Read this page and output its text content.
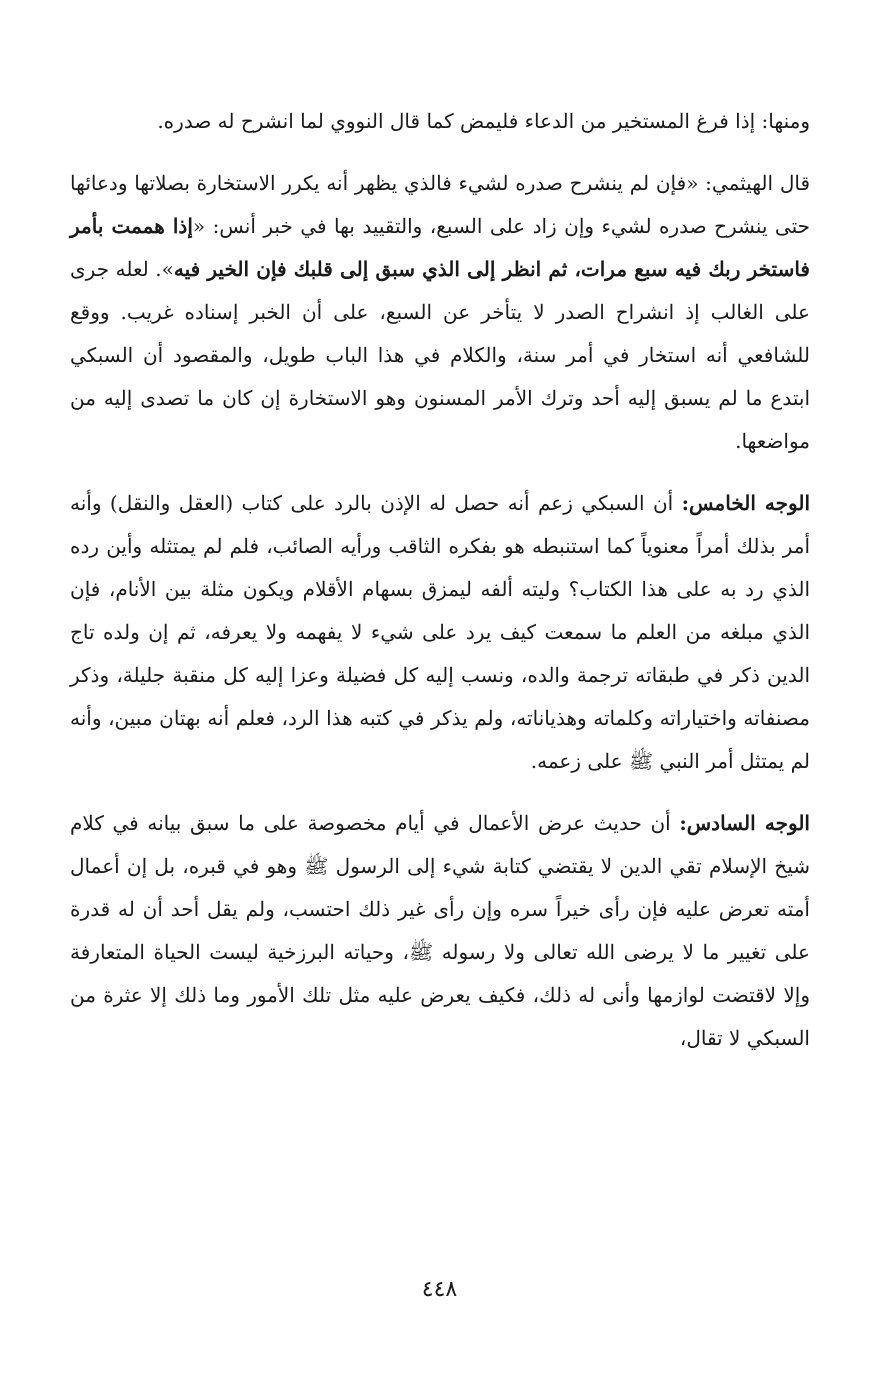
ومنها: إذا فرغ المستخير من الدعاء فليمض كما قال النووي لما انشرح له صدره.

قال الهيثمي: «فإن لم ينشرح صدره لشيء فالذي يظهر أنه يكرر الاستخارة بصلاتها ودعائها حتى ينشرح صدره لشيء وإن زاد على السبع، والتقييد بها في خبر أنس: «إذا هممت بأمر فاستخر ربك فيه سبع مرات، ثم انظر إلى الذي سبق إلى قلبك فإن الخير فيه». لعله جرى على الغالب إذ انشراح الصدر لا يتأخر عن السبع، على أن الخبر إسناده غريب. ووقع للشافعي أنه استخار في أمر سنة، والكلام في هذا الباب طويل، والمقصود أن السبكي ابتدع ما لم يسبق إليه أحد وترك الأمر المسنون وهو الاستخارة إن كان ما تصدى إليه من مواضعها.

الوجه الخامس: أن السبكي زعم أنه حصل له الإذن بالرد على كتاب (العقل والنقل) وأنه أمر بذلك أمراً معنوياً كما استنبطه هو بفكره الثاقب ورأيه الصائب، فلم لم يمتثله وأين رده الذي رد به على هذا الكتاب؟ وليته ألفه ليمزق بسهام الأقلام ويكون مثلة بين الأنام، فإن الذي مبلغه من العلم ما سمعت كيف يرد على شيء لا يفهمه ولا يعرفه، ثم إن ولده تاج الدين ذكر في طبقاته ترجمة والده، ونسب إليه كل فضيلة وعزا إليه كل منقبة جليلة، وذكر مصنفاته واختياراته وكلماته وهذياناته، ولم يذكر في كتبه هذا الرد، فعلم أنه بهتان مبين، وأنه لم يمتثل أمر النبي ﷺ على زعمه.

الوجه السادس: أن حديث عرض الأعمال في أيام مخصوصة على ما سبق بيانه في كلام شيخ الإسلام تقي الدين لا يقتضي كتابة شيء إلى الرسول ﷺ وهو في قبره، بل إن أعمال أمته تعرض عليه فإن رأى خيراً سره وإن رأى غير ذلك احتسب، ولم يقل أحد أن له قدرة على تغيير ما لا يرضى الله تعالى ولا رسوله ﷺ، وحياته البرزخية ليست الحياة المتعارفة وإلا لاقتضت لوازمها وأنى له ذلك، فكيف يعرض عليه مثل تلك الأمور وما ذلك إلا عثرة من السبكي لا تقال،

٤٤٨
